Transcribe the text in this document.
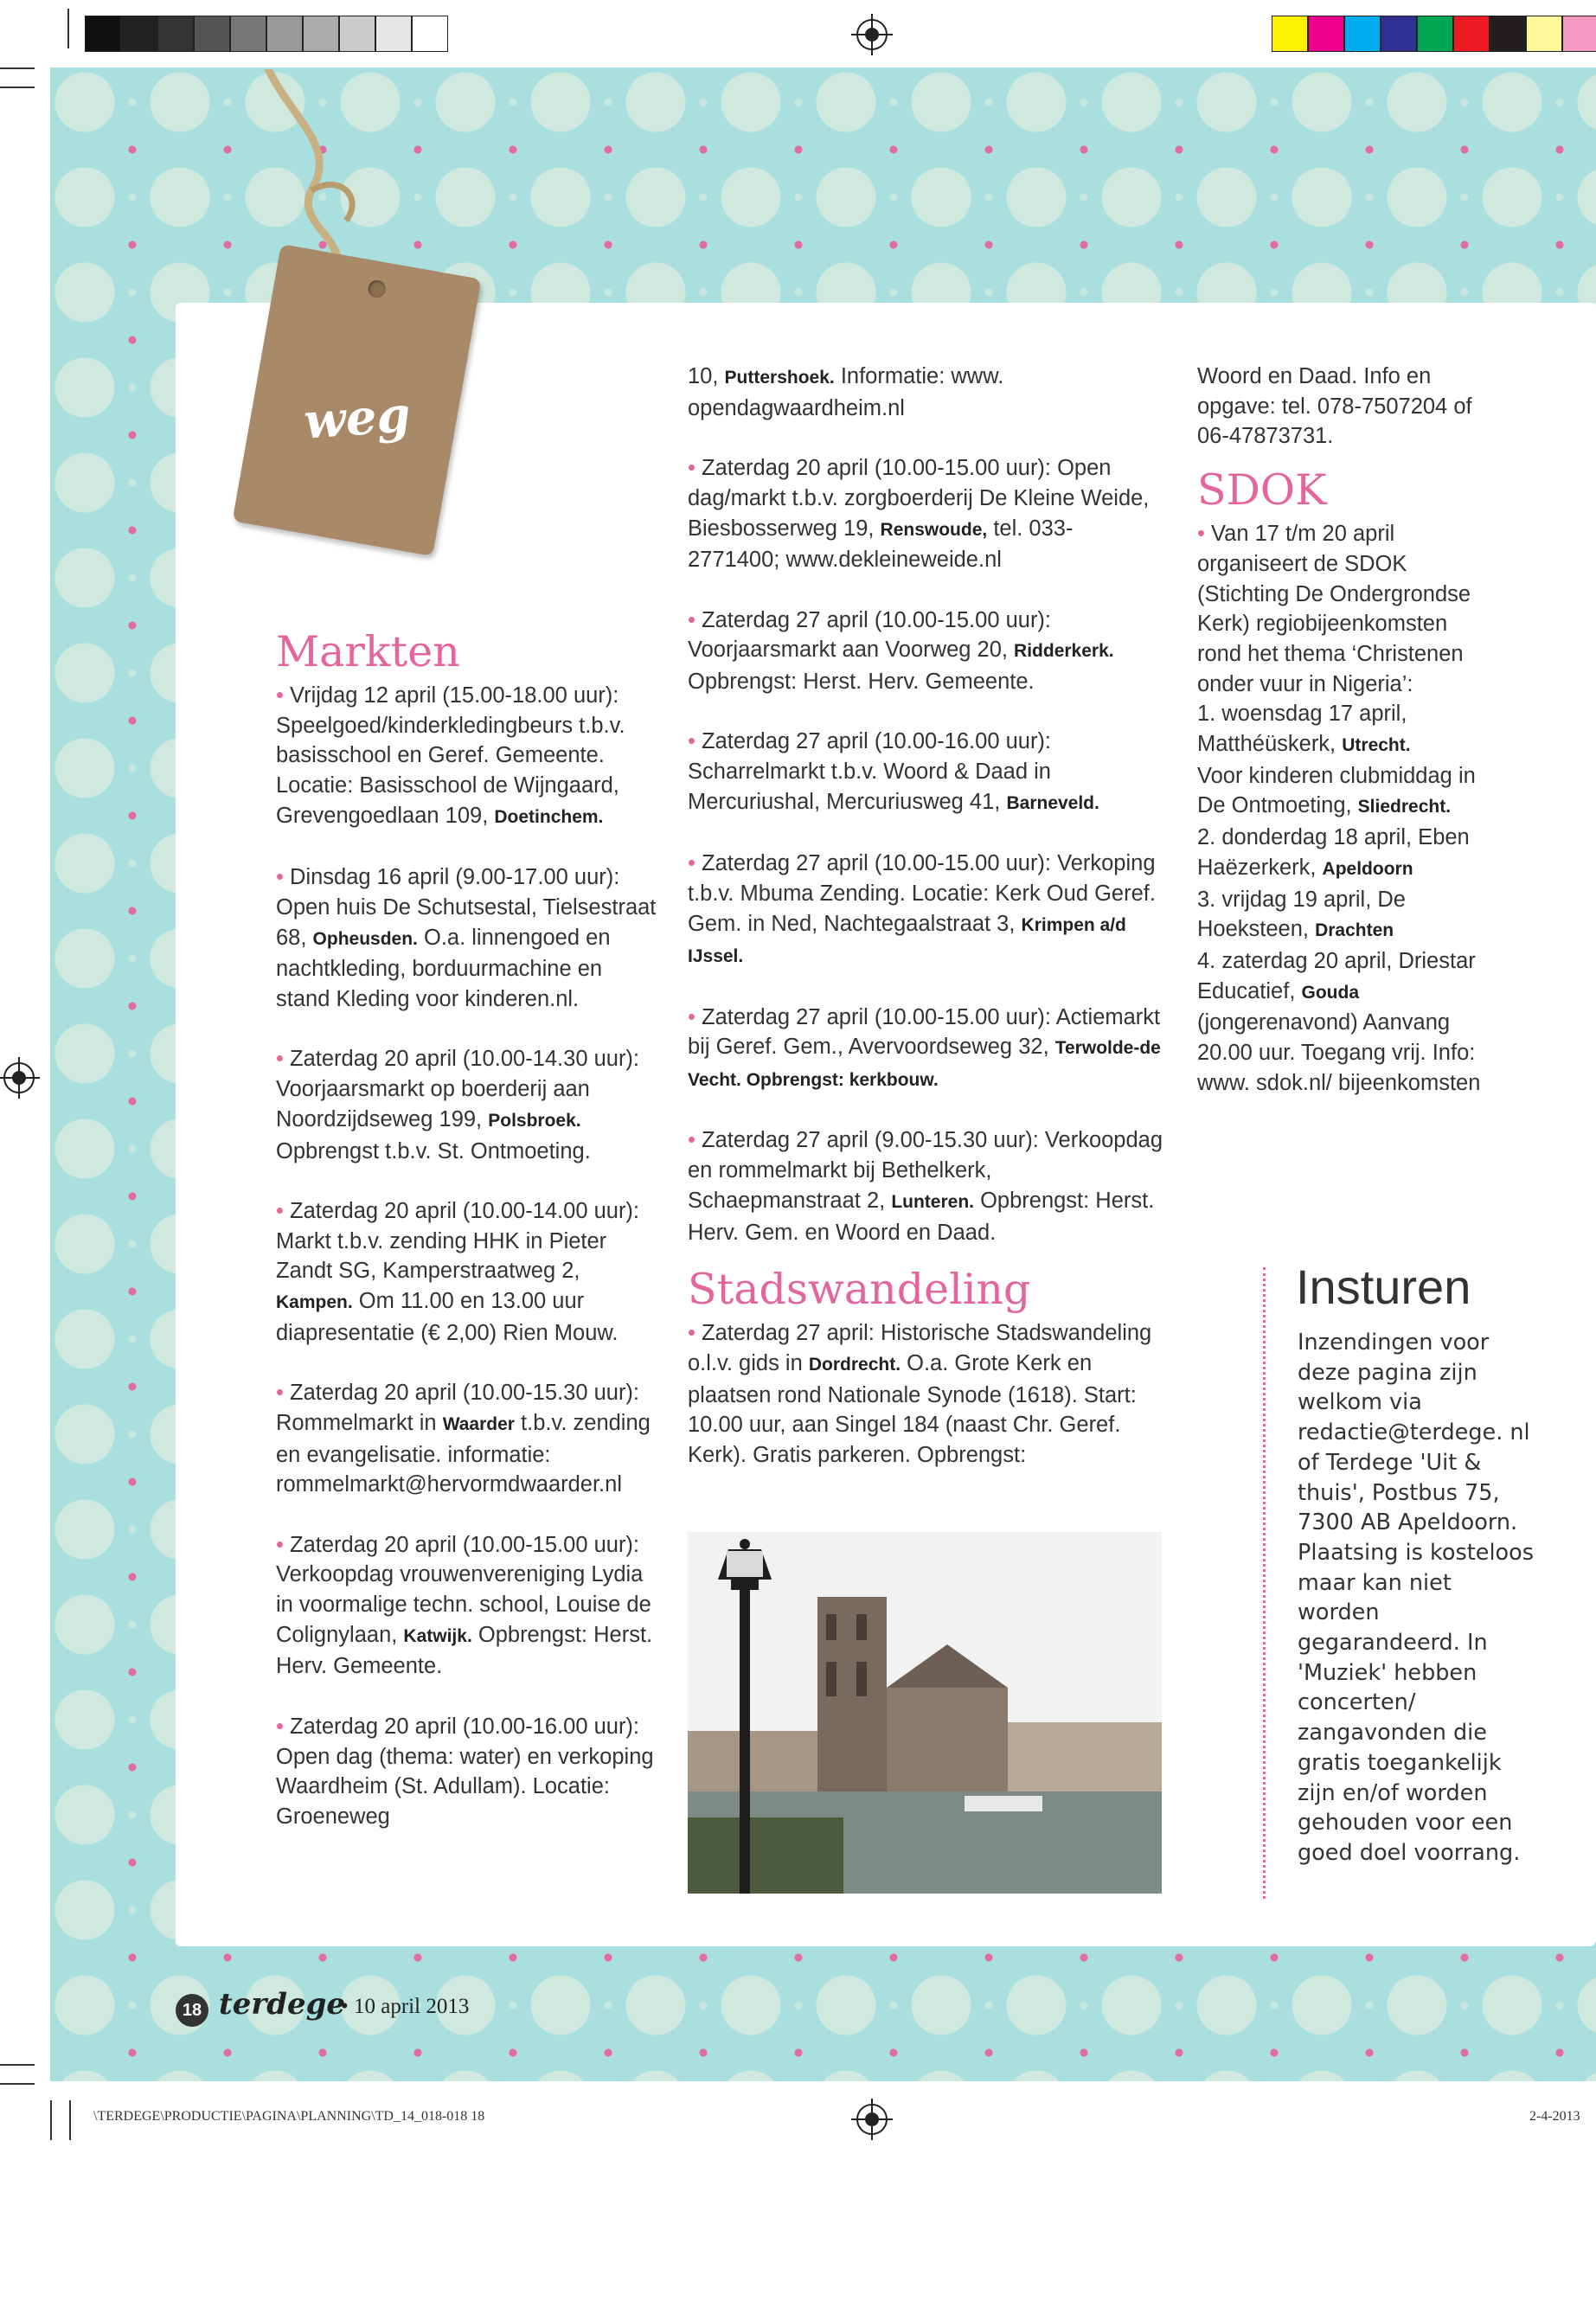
weg
Markten

• Vrijdag 12 april (15.00-18.00 uur): Speelgoed/kinderkledingbeurs t.b.v. basisschool en Geref. Gemeente. Locatie: Basisschool de Wijngaard, Grevengoedlaan 109, Doetinchem.

• Dinsdag 16 april (9.00-17.00 uur): Open huis De Schutsestal, Tielsestraat 68, Opheusden. O.a. linnengoed en nachtkleding, borduurmachine en stand Kleding voor kinderen.nl.

• Zaterdag 20 april (10.00-14.30 uur): Voorjaarsmarkt op boerderij aan Noordzijdseweg 199, Polsbroek. Opbrengst t.b.v. St. Ontmoeting.

• Zaterdag 20 april (10.00-14.00 uur): Markt t.b.v. zending HHK in Pieter Zandt SG, Kamperstraatweg 2, Kampen. Om 11.00 en 13.00 uur diapresentatie (€ 2,00) Rien Mouw.

• Zaterdag 20 april (10.00-15.30 uur): Rommelmarkt in Waarder t.b.v. zending en evangelisatie. informatie: rommelmarkt@hervormdwaarder.nl

• Zaterdag 20 april (10.00-15.00 uur): Verkoopdag vrouwenvereniging Lydia in voormalige techn. school, Louise de Colignylaan, Katwijk. Opbrengst: Herst. Herv. Gemeente.

• Zaterdag 20 april (10.00-16.00 uur): Open dag (thema: water) en verkoping Waardheim (St. Adullam). Locatie: Groeneweg

10, Puttershoek. Informatie: www. opendagwaardheim.nl

• Zaterdag 20 april (10.00-15.00 uur): Open dag/markt t.b.v. zorgboerderij De Kleine Weide, Biesbosserweg 19, Renswoude, tel. 033-2771400; www.dekleineweide.nl

• Zaterdag 27 april (10.00-15.00 uur): Voorjaarsmarkt aan Voorweg 20, Ridderkerk. Opbrengst: Herst. Herv. Gemeente.

• Zaterdag 27 april (10.00-16.00 uur): Scharrelmarkt t.b.v. Woord & Daad in Mercuriushal, Mercuriusweg 41, Barneveld.

• Zaterdag 27 april (10.00-15.00 uur): Verkoping t.b.v. Mbuma Zending. Locatie: Kerk Oud Geref. Gem. in Ned, Nachtegaalstraat 3, Krimpen a/d IJssel.

• Zaterdag 27 april (10.00-15.00 uur): Actiemarkt bij Geref. Gem., Avervoordseweg 32, Terwolde-de Vecht. Opbrengst: kerkbouw.

• Zaterdag 27 april (9.00-15.30 uur): Verkoopdag en rommelmarkt bij Bethelkerk, Schaepmanstraat 2, Lunteren. Opbrengst: Herst. Herv. Gem. en Woord en Daad.

Stadswandeling

• Zaterdag 27 april: Historische Stadswandeling o.l.v. gids in Dordrecht. O.a. Grote Kerk en plaatsen rond Nationale Synode (1618). Start: 10.00 uur, aan Singel 184 (naast Chr. Geref. Kerk). Gratis parkeren. Opbrengst:

Woord en Daad. Info en opgave: tel. 078-7507204 of 06-47873731.

SDOK
• Van 17 t/m 20 april organiseert de SDOK (Stichting De Ondergrondse Kerk) regiobijeenkomsten rond het thema ‘Christenen onder vuur in Nigeria’:
1. woensdag 17 april, Matthéüskerk, Utrecht.
Voor kinderen clubmiddag in De Ontmoeting, Sliedrecht.
2. donderdag 18 april, Eben Haëzerkerk, Apeldoorn
3. vrijdag 19 april, De Hoeksteen, Drachten
4. zaterdag 20 april, Driestar Educatief, Gouda
(jongerenavond) Aanvang 20.00 uur. Toegang vrij. Info: www. sdok.nl/ bijeenkomsten
Insturen
Inzendingen voor deze pagina zijn welkom via redactie@terdege. nl of Terdege 'Uit & thuis', Postbus 75, 7300 AB Apeldoorn. Plaatsing is kosteloos maar kan niet worden gegarandeerd. In 'Muziek' hebben concerten/ zangavonden die gratis toegankelijk zijn en/of worden gehouden voor een goed doel voorrang.
18 terdege
• 10 april 2013
\TERDEGE\PRODUCTIE\PAGINA\PLANNING\TD_14_018-018 18	2-4-2013
